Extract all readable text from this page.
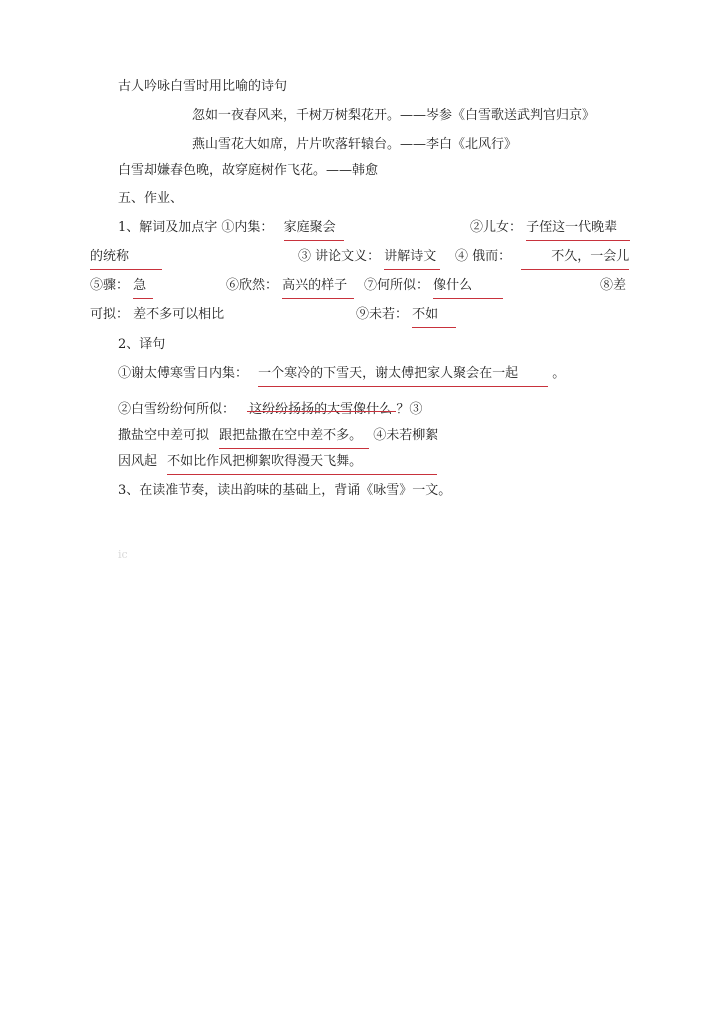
古人吟咏白雪时用比喻的诗句
忽如一夜春风来，千树万树梨花开。——岑参《白雪歌送武判官归京》
燕山雪花大如席，片片吹落轩辕台。——李白《北风行》
白雪却嫌春色晚，故穿庭树作飞花。——韩愈
五、作业、
1、解词及加点字 ①内集： 家庭聚会	②儿女： 子侄这一代晚辈
的统称	③ 讲论文义： 讲解诗文	④ 俄而：	不久，一会儿
⑤骤： 急	⑥欣然： 高兴的样子	⑦何所似： 像什么	⑧差
可拟： 差不多可以相比	⑨未若： 不如
2、译句
①谢太傅寒雪日内集： 一个寒冷的下雪天，谢太傅把家人聚会在一起	。
②白雪纷纷何所似： 这纷纷扬扬的大雪像什么 ？③
撒盐空中差可拟 跟把盐撒在空中差不多。 ④未若柳絮
因风起 不如比作风把柳絮吹得漫天飞舞。
3、在读准节奏，读出韵味的基础上，背诵《咏雪》一文。
ic
